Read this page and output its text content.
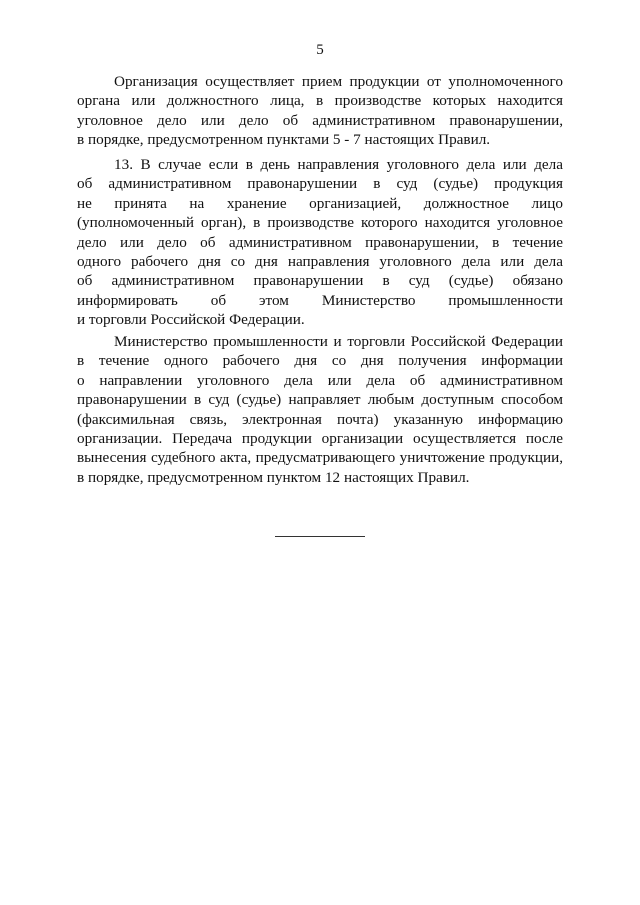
5
Организация осуществляет прием продукции от уполномоченного
органа или должностного лица, в производстве которых находится
уголовное дело или дело об административном правонарушении,
в порядке, предусмотренном пунктами 5 - 7 настоящих Правил.
13. В случае если в день направления уголовного дела или дела
об административном правонарушении в суд (судье) продукция
не принята на хранение организацией, должностное лицо
(уполномоченный орган), в производстве которого находится уголовное
дело или дело об административном правонарушении, в течение
одного рабочего дня со дня направления уголовного дела или дела
об административном правонарушении в суд (судье) обязано
информировать об этом Министерство промышленности
и торговли Российской Федерации.
Министерство промышленности и торговли Российской Федерации
в течение одного рабочего дня со дня получения информации
о направлении уголовного дела или дела об административном
правонарушении в суд (судье) направляет любым доступным способом
(факсимильная связь, электронная почта) указанную информацию
организации. Передача продукции организации осуществляется после
вынесения судебного акта, предусматривающего уничтожение продукции,
в порядке, предусмотренном пунктом 12 настоящих Правил.
